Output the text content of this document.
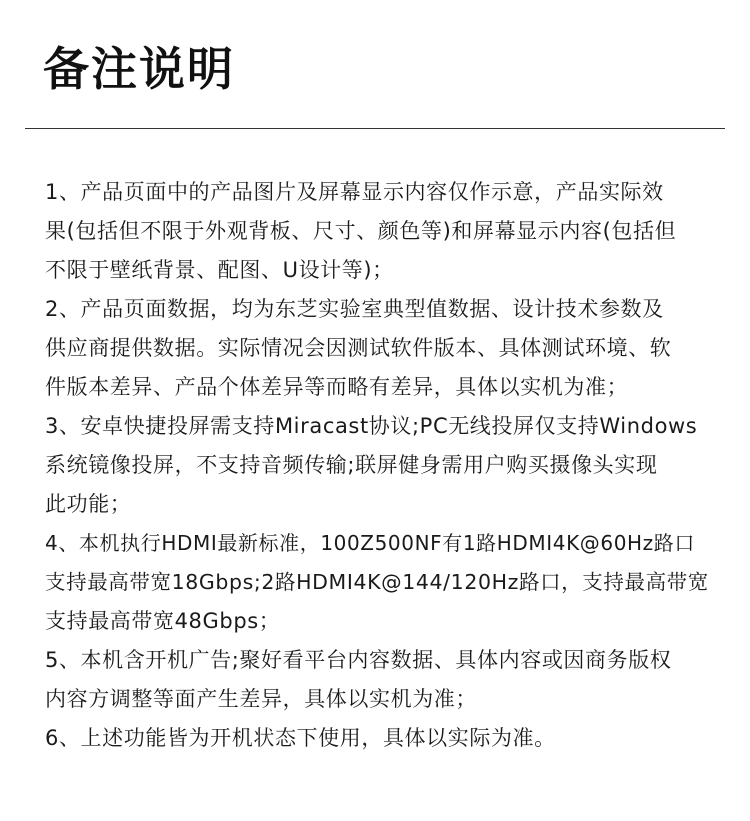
备注说明

1、产品页面中的产品图片及屏幕显示内容仅作示意，产品实际效
果(包括但不限于外观背板、尺寸、颜色等)和屏幕显示内容(包括但
不限于壁纸背景、配图、U设计等)；

2、产品页面数据，均为东芝实验室典型值数据、设计技术参数及
供应商提供数据。实际情况会因测试软件版本、具体测试环境、软
件版本差异、产品个体差异等而略有差异，具体以实机为准；

3、安卓快捷投屏需支持Miracast协议;PC无线投屏仅支持Windows
系统镜像投屏，不支持音频传输;联屏健身需用户购买摄像头实现
此功能；

4、本机执行HDMI最新标准，100Z500NF有1路HDMI4K@60Hz路口
支持最高带宽18Gbps;2路HDMI4K@144/120Hz路口，支持最高带宽
支持最高带宽48Gbps；

5、本机含开机广告;聚好看平台内容数据、具体内容或因商务版权
内容方调整等面产生差异，具体以实机为准；

6、上述功能皆为开机状态下使用，具体以实际为准。
